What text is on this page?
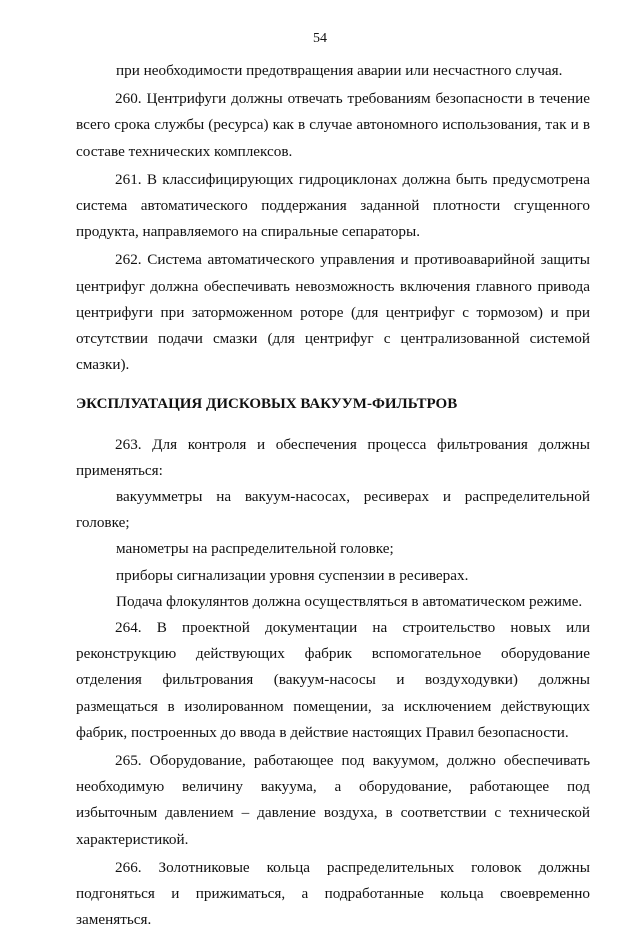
54

при необходимости предотвращения аварии или несчастного случая.

260. Центрифуги должны отвечать требованиям безопасности в течение всего срока службы (ресурса) как в случае автономного использования, так и в составе технических комплексов.

261. В классифицирующих гидроциклонах должна быть предусмотрена система автоматического поддержания заданной плотности сгущенного продукта, направляемого на спиральные сепараторы.

262. Система автоматического управления и противоаварийной защиты центрифуг должна обеспечивать невозможность включения главного привода центрифуги при заторможенном роторе (для центрифуг с тормозом) и при отсутствии подачи смазки (для центрифуг с централизованной системой смазки).

ЭКСПЛУАТАЦИЯ ДИСКОВЫХ ВАКУУМ-ФИЛЬТРОВ

263. Для контроля и обеспечения процесса фильтрования должны применяться:

вакуумметры на вакуум-насосах, ресиверах и распределительной головке;

манометры на распределительной головке;

приборы сигнализации уровня суспензии в ресиверах.

Подача флокулянтов должна осуществляться в автоматическом режиме.

264. В проектной документации на строительство новых или реконструкцию действующих фабрик вспомогательное оборудование отделения фильтрования (вакуум-насосы и воздуходувки) должны размещаться в изолированном помещении, за исключением действующих фабрик, построенных до ввода в действие настоящих Правил безопасности.

265. Оборудование, работающее под вакуумом, должно обеспечивать необходимую величину вакуума, а оборудование, работающее под избыточным давлением – давление воздуха, в соответствии с технической характеристикой.

266. Золотниковые кольца распределительных головок должны подгоняться и прижиматься, а подработанные кольца своевременно заменяться.
